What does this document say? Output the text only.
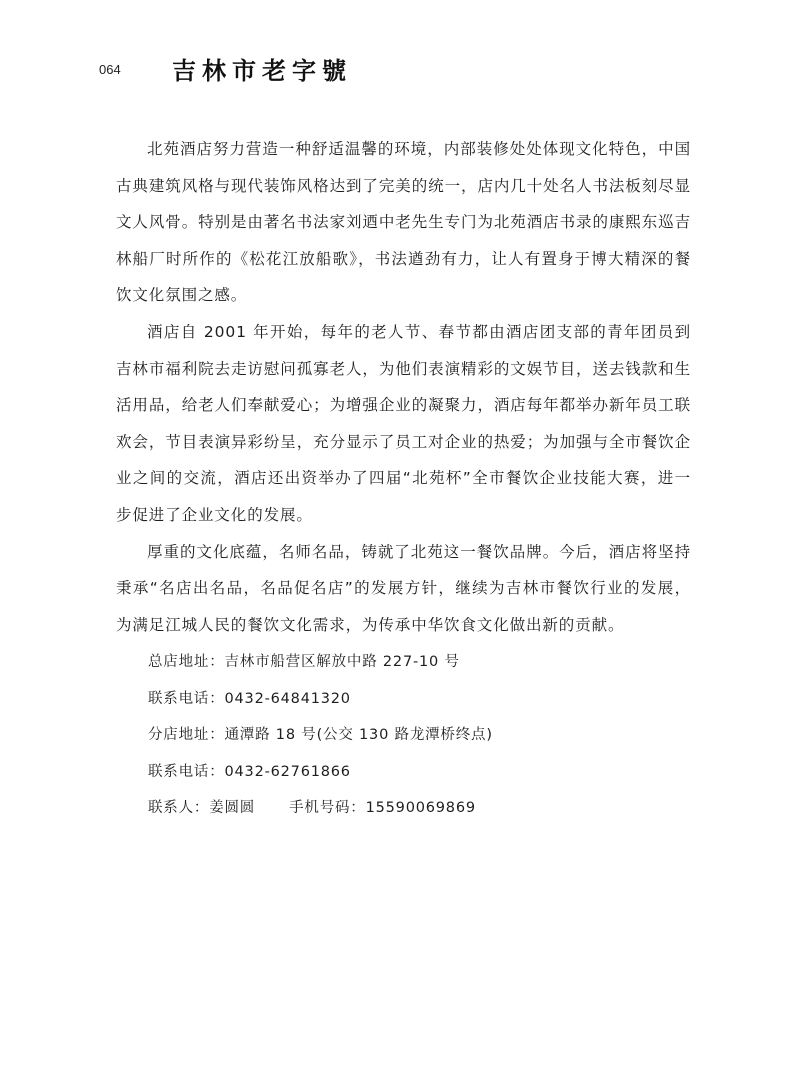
064 吉林市老字號

北苑酒店努力营造一种舒适温馨的环境，内部装修处处体现文化特色，中国古典建筑风格与现代装饰风格达到了完美的统一，店内几十处名人书法板刻尽显文人风骨。特别是由著名书法家刘迺中老先生专门为北苑酒店书录的康熙东巡吉林船厂时所作的《松花江放船歌》，书法遒劲有力，让人有置身于博大精深的餐饮文化氛围之感。

酒店自 2001 年开始，每年的老人节、春节都由酒店团支部的青年团员到吉林市福利院去走访慰问孤寡老人，为他们表演精彩的文娱节目，送去钱款和生活用品，给老人们奉献爱心；为增强企业的凝聚力，酒店每年都举办新年员工联欢会，节目表演异彩纷呈，充分显示了员工对企业的热爱；为加强与全市餐饮企业之间的交流，酒店还出资举办了四届“北苑杯”全市餐饮企业技能大赛，进一步促进了企业文化的发展。

厚重的文化底蕴，名师名品，铸就了北苑这一餐饮品牌。今后，酒店将坚持秉承“名店出名品，名品促名店”的发展方针，继续为吉林市餐饮行业的发展，为满足江城人民的餐饮文化需求，为传承中华饮食文化做出新的贡献。

总店地址：吉林市船营区解放中路 227-10 号
联系电话：0432-64841320
分店地址：通潭路 18 号(公交 130 路龙潭桥终点)
联系电话：0432-62761866
联系人：姜圆圆 手机号码：15590069869
